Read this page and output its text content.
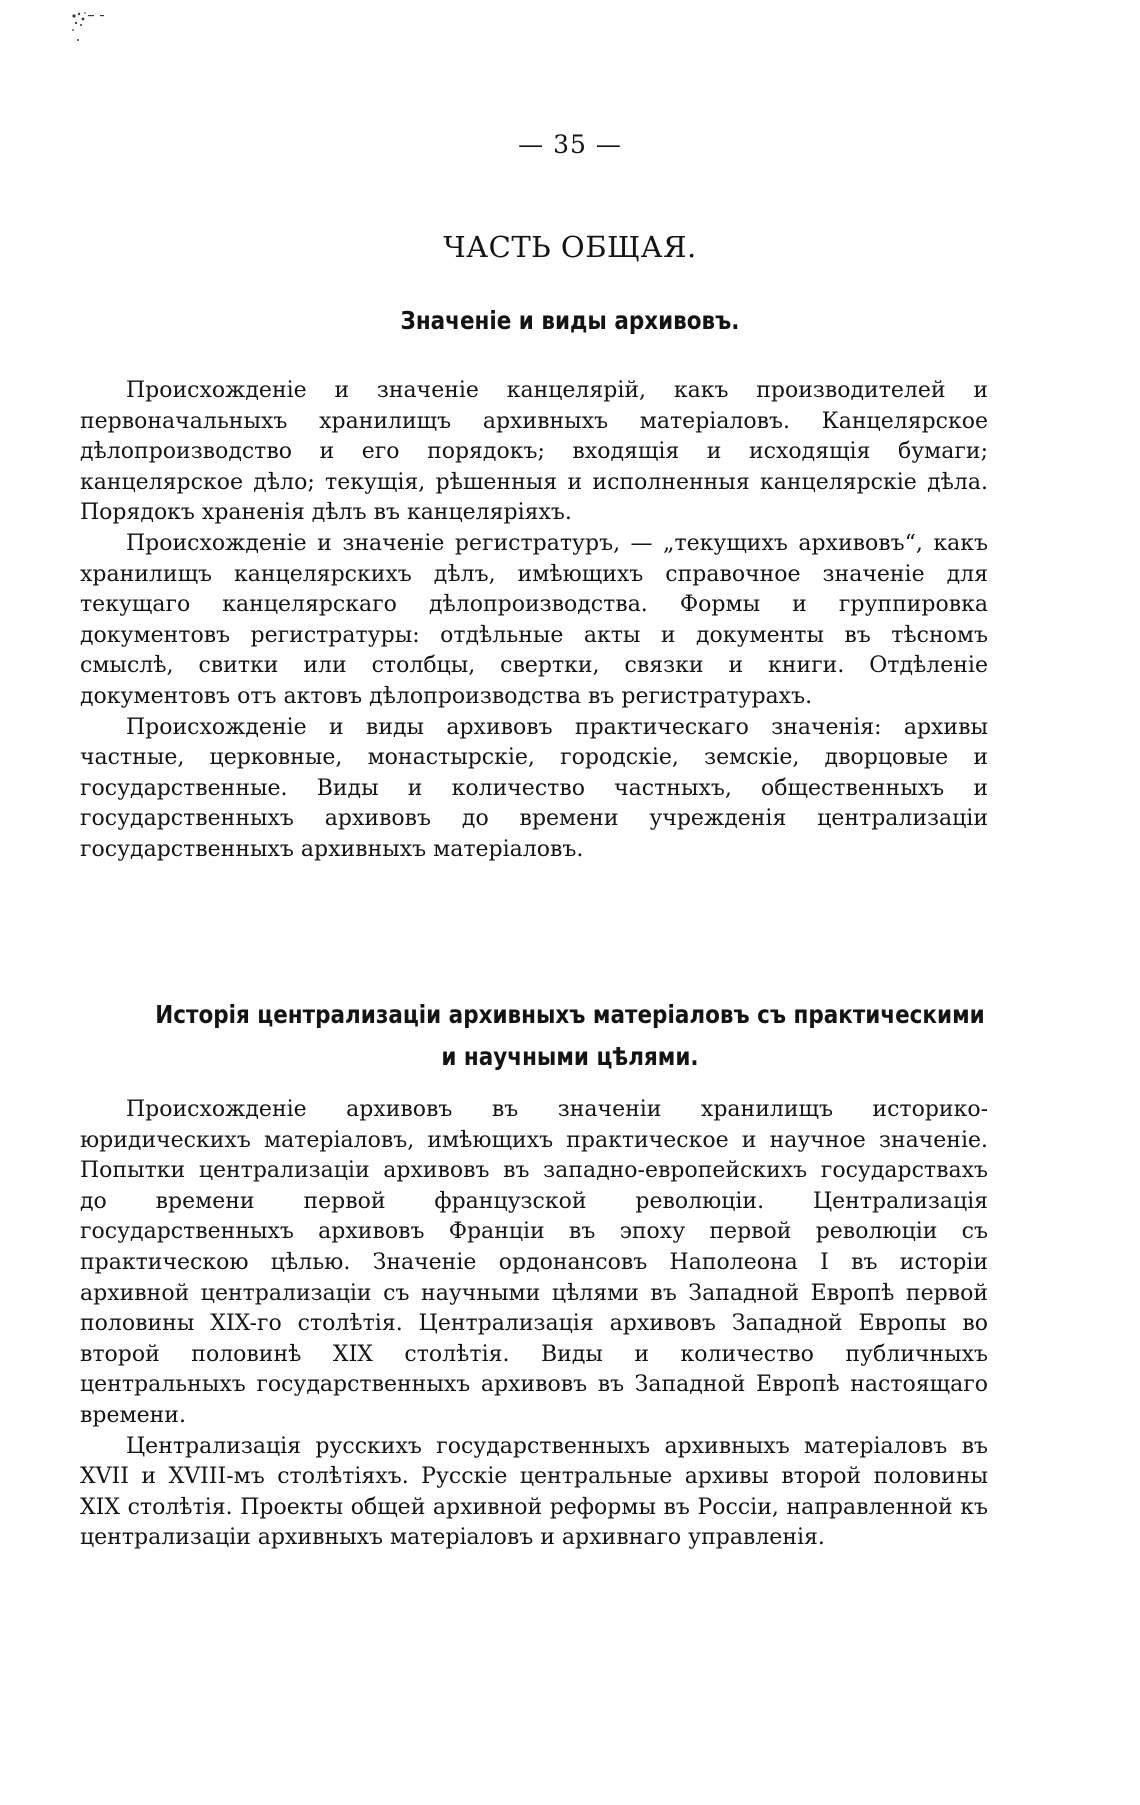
— 35 —
ЧАСТЬ ОБЩАЯ.
Значеніе и виды архивовъ.

Происхожденіе и значеніе канцелярій, какъ производителей и первоначальныхъ хранилищъ архивныхъ матеріаловъ. Канцелярское дѣлопроизводство и его порядокъ; входящія и исходящія бумаги; канцелярское дѣло; текущія, рѣшенныя и исполненныя канцелярскіе дѣла. Порядокъ храненія дѣлъ въ канцеляріяхъ.

Происхожденіе и значеніе регистратуръ, — „текущихъ архивовъ“, какъ хранилищъ канцелярскихъ дѣлъ, имѣющихъ справочное значеніе для текущаго канцелярскаго дѣлопроизводства. Формы и группировка документовъ регистратуры: отдѣльные акты и документы въ тѣсномъ смыслѣ, свитки или столбцы, свертки, связки и книги. Отдѣленіе документовъ отъ актовъ дѣлопроизводства въ регистратурахъ.

Происхожденіе и виды архивовъ практическаго значенія: архивы частные, церковные, монастырскіе, городскіе, земскіе, дворцовые и государственные. Виды и количество частныхъ, общественныхъ и государственныхъ архивовъ до времени учрежденія централизаціи государственныхъ архивныхъ матеріаловъ.

Исторія централизаціи архивныхъ матеріаловъ съ практическими
и научными цѣлями.

Происхожденіе архивовъ въ значеніи хранилищъ историко-юридическихъ матеріаловъ, имѣющихъ практическое и научное значеніе. Попытки централизаціи архивовъ въ западно-европейскихъ государствахъ до времени первой французской революціи. Централизація государственныхъ архивовъ Франціи въ эпоху первой революціи съ практическою цѣлью. Значеніе ордонансовъ Наполеона I въ исторіи архивной централизаціи съ научными цѣлями въ Западной Европѣ первой половины XIX-го столѣтія. Централизація архивовъ Западной Европы во второй половинѣ XIX столѣтія. Виды и количество публичныхъ центральныхъ государственныхъ архивовъ въ Западной Европѣ настоящаго времени.

Централизація русскихъ государственныхъ архивныхъ матеріаловъ въ XVII и XVIII-мъ столѣтіяхъ. Русскіе центральные архивы второй половины XIX столѣтія. Проекты общей архивной реформы въ Россіи, направленной къ централизаціи архивныхъ матеріаловъ и архивнаго управленія.
